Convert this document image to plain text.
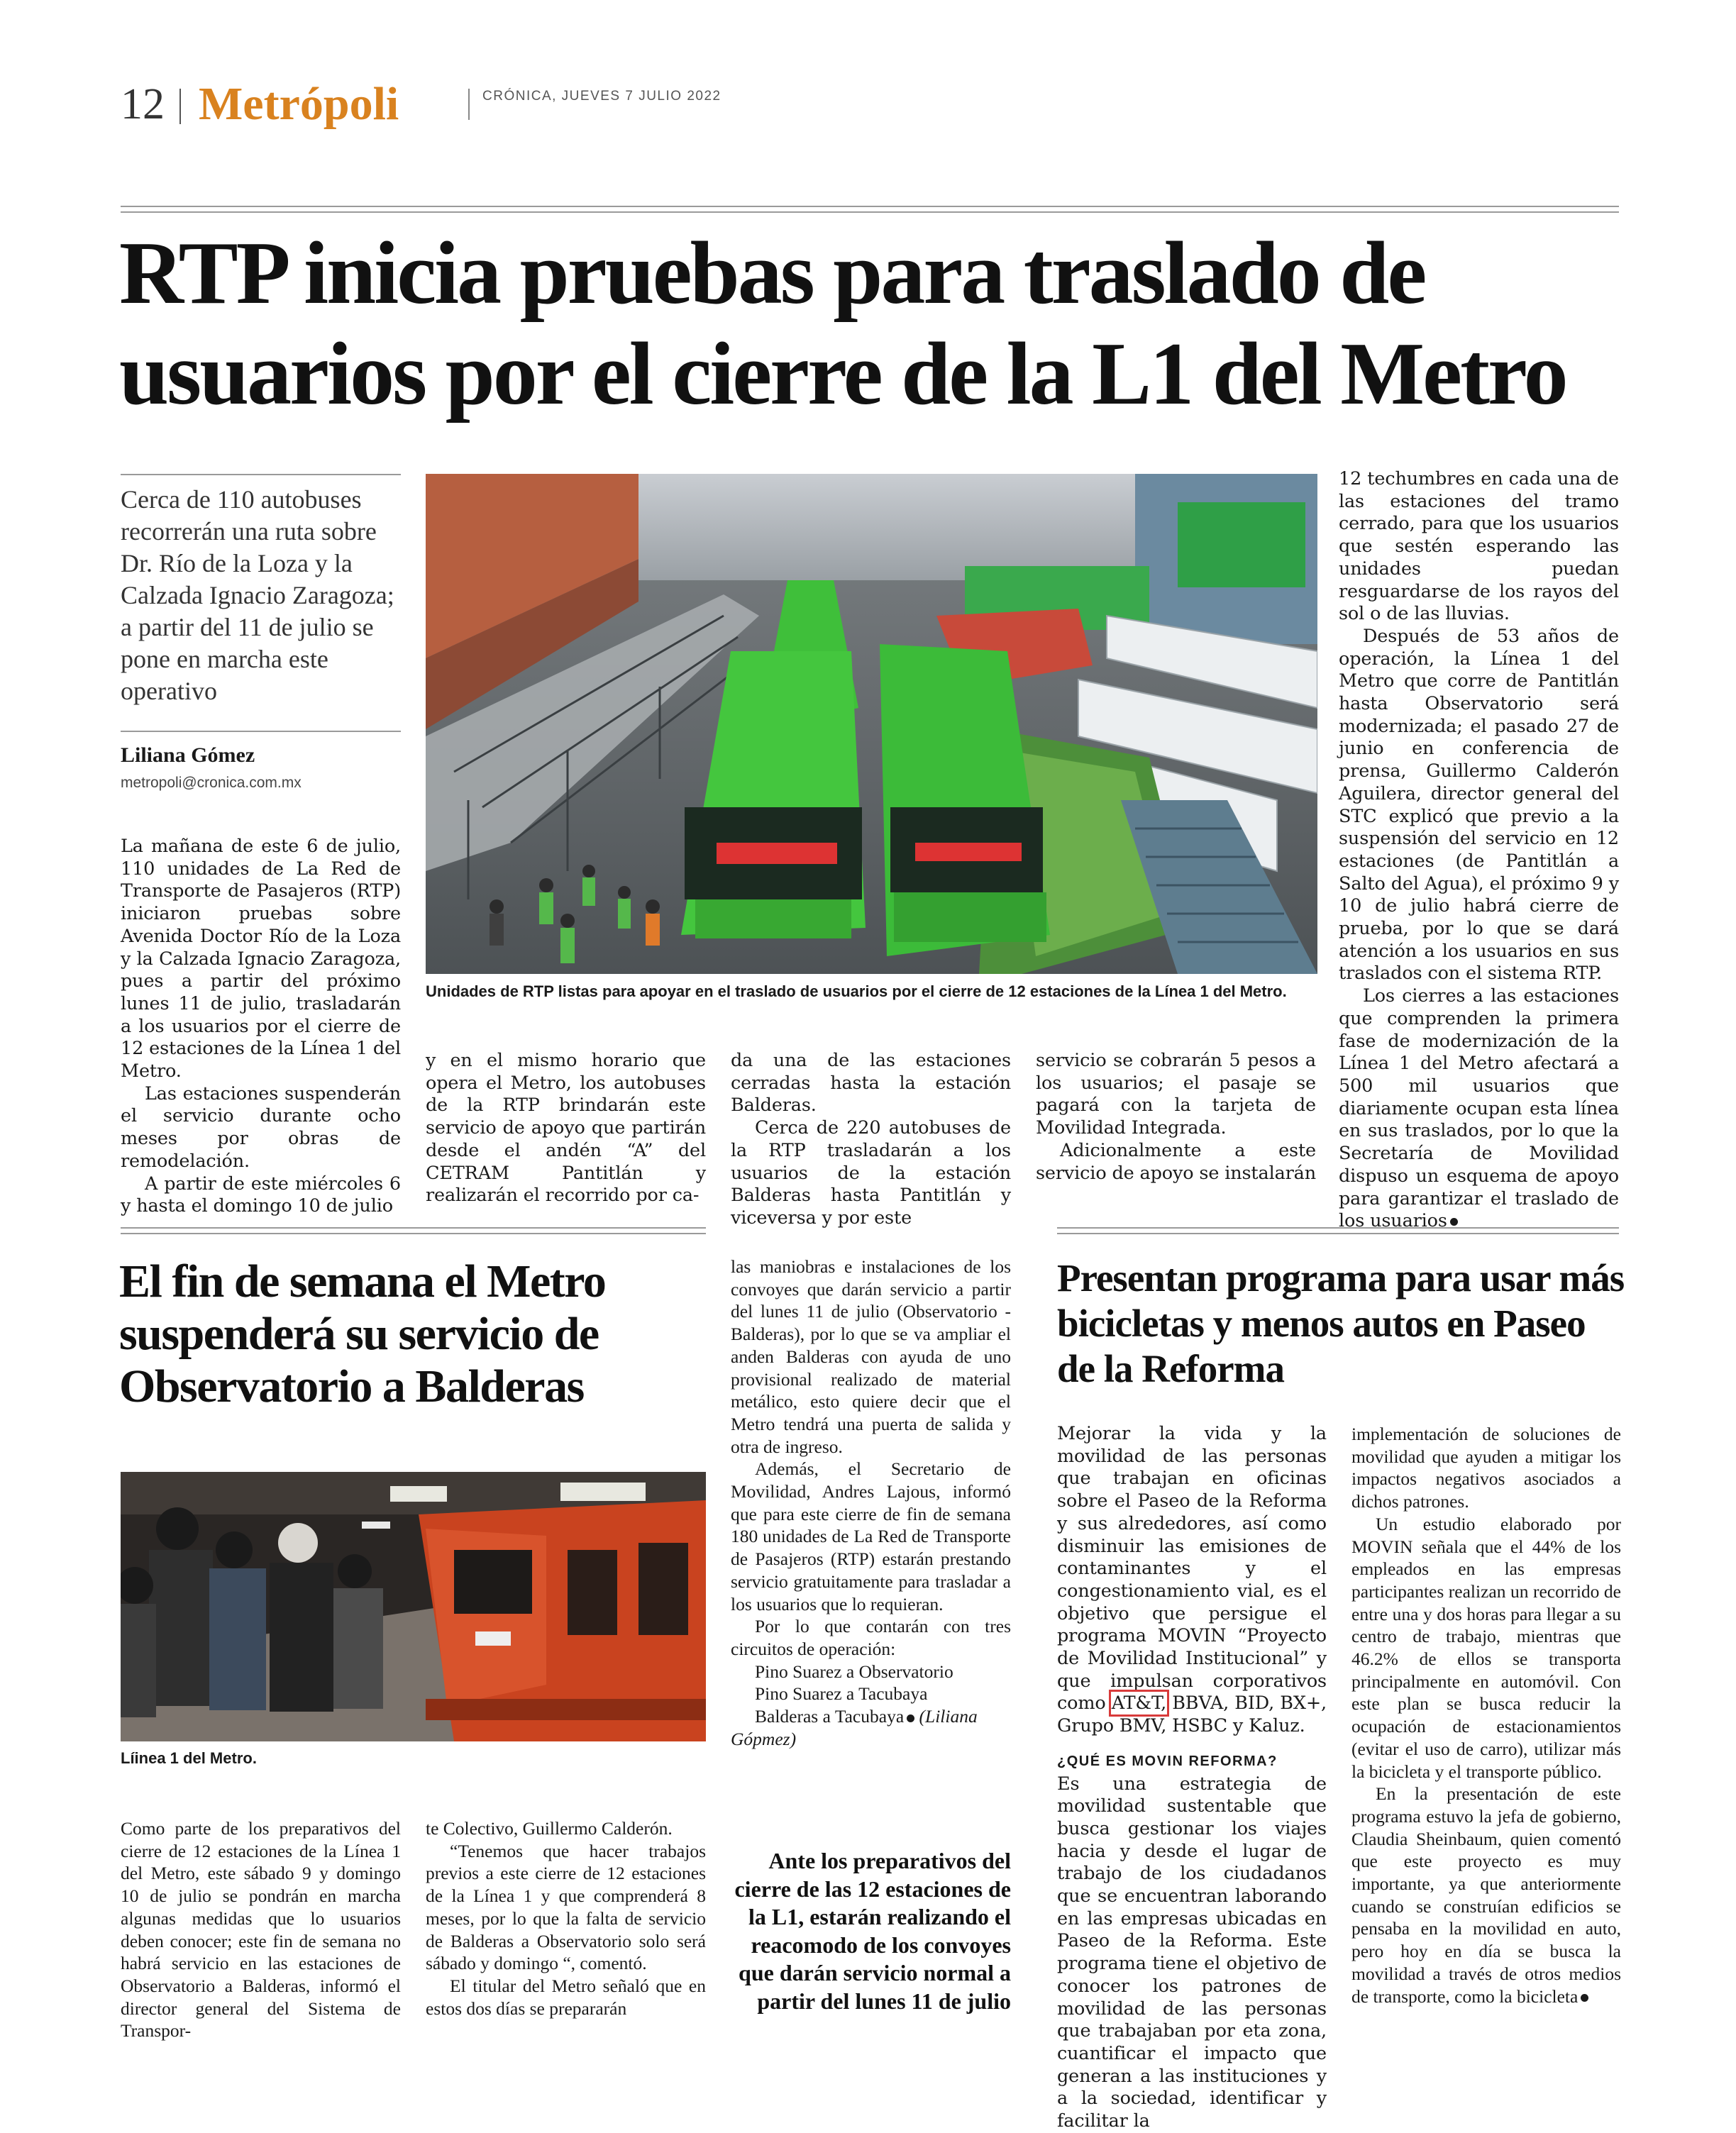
12 Metrópoli	CRÓNICA, JUEVES 7 JULIO 2022
RTP inicia pruebas para traslado de
usuarios por el cierre de la L1 del Metro
Cerca de 110 autobuses recorrerán una ruta sobre Dr. Río de la Loza y la Calzada Ignacio Zaragoza; a partir del 11 de julio se pone en marcha este operativo
Liliana Gómez
metropoli@cronica.com.mx
Unidades de RTP listas para apoyar en el traslado de usuarios por el cierre de 12 estaciones de la Línea 1 del Metro.

La mañana de este 6 de julio, 110 unidades de La Red de Transporte de Pasajeros (RTP) iniciaron pruebas sobre Avenida Doctor Río de la Loza y la Calzada Ignacio Zaragoza, pues a partir del próximo lunes 11 de julio, trasladarán a los usuarios por el cierre de 12 estaciones de la Línea 1 del Metro.

Las estaciones suspenderán el servicio durante ocho meses por obras de remodelación.

A partir de este miércoles 6 y hasta el domingo 10 de julio

y en el mismo horario que opera el Metro, los autobuses de la RTP brindarán este servicio de apoyo que partirán desde el andén “A” del CETRAM Pantitlán y realizarán el recorrido por ca-

da una de las estaciones cerradas hasta la estación Balderas.

Cerca de 220 autobuses de la RTP trasladarán a los usuarios de la estación Balderas hasta Pantitlán y viceversa y por este

servicio se cobrarán 5 pesos a los usuarios; el pasaje se pagará con la tarjeta de Movilidad Integrada.

Adicionalmente a este servicio de apoyo se instalarán

12 techumbres en cada una de las estaciones del tramo cerrado, para que los usuarios que sestén esperando las unidades puedan resguardarse de los rayos del sol o de las lluvias.

Después de 53 años de operación, la Línea 1 del Metro que corre de Pantitlán hasta Observatorio será modernizada; el pasado 27 de junio en conferencia de prensa, Guillermo Calderón Aguilera, director general del STC explicó que previo a la suspensión del servicio en 12 estaciones (de Pantitlán a Salto del Agua), el próximo 9 y 10 de julio habrá cierre de prueba, por lo que se dará atención a los usuarios en sus traslados con el sistema RTP.

Los cierres a las estaciones que comprenden la primera fase de modernización de la Línea 1 del Metro afectará a 500 mil usuarios que diariamente ocupan esta línea en sus traslados, por lo que la Secretaría de Movilidad dispuso un esquema de apoyo para garantizar el traslado de los usuarios

El fin de semana el Metro suspenderá su servicio de Observatorio a Balderas
Líinea 1 del Metro.

Como parte de los preparativos del cierre de 12 estaciones de la Línea 1 del Metro, este sábado 9 y domingo 10 de julio se pondrán en marcha algunas medidas que lo usuarios deben conocer; este fin de semana no habrá servicio en las estaciones de Observatorio a Balderas, informó el director general del Sistema de Transpor-

te Colectivo, Guillermo Calderón.

“Tenemos que hacer trabajos previos a este cierre de 12 estaciones de la Línea 1 y que comprenderá 8 meses, por lo que la falta de servicio de Balderas a Observatorio solo será sábado y domingo “, comentó.

El titular del Metro señaló que en estos dos días se prepararán

las maniobras e instalaciones de los convoyes que darán servicio a partir del lunes 11 de julio (Observatorio - Balderas), por lo que se va ampliar el anden Balderas con ayuda de uno provisional realizado de material metálico, esto quiere decir que el Metro tendrá una puerta de salida y otra de ingreso.

Además, el Secretario de Movilidad, Andres Lajous, informó que para este cierre de fin de semana 180 unidades de La Red de Transporte de Pasajeros (RTP) estarán prestando servicio gratuitamente para trasladar a los usuarios que lo requieran.

Por lo que contarán con tres circuitos de operación:

Pino Suarez a Observatorio

Pino Suarez a Tacubaya

Balderas a Tacubaya (Liliana Gópmez)

Ante los preparativos del cierre de las 12 estaciones de la L1, estarán realizando el reacomodo de los convoyes que darán servicio normal a partir del lunes 11 de julio
Presentan programa para usar más bicicletas y menos autos en Paseo de la Reforma

Mejorar la vida y la movilidad de las personas que trabajan en oficinas sobre el Paseo de la Reforma y sus alrededores, así como disminuir las emisiones de contaminantes y el congestionamiento vial, es el objetivo que persigue el programa MOVIN “Proyecto de Movilidad Institucional” y que impulsan corporativos como AT&T, BBVA, BID, BX+, Grupo BMV, HSBC y Kaluz.

¿QUÉ ES MOVIN REFORMA?

Es una estrategia de movilidad sustentable que busca gestionar los viajes hacia y desde el lugar de trabajo de los ciudadanos que se encuentran laborando en las empresas ubicadas en Paseo de la Reforma. Este programa tiene el objetivo de conocer los patrones de movilidad de las personas que trabajaban por eta zona, cuantificar el impacto que generan a las instituciones y a la sociedad, identificar y facilitar la

implementación de soluciones de movilidad que ayuden a mitigar los impactos negativos asociados a dichos patrones.

Un estudio elaborado por MOVIN señala que el 44% de los empleados en las empresas participantes realizan un recorrido de entre una y dos horas para llegar a su centro de trabajo, mientras que 46.2% de ellos se transporta principalmente en automóvil. Con este plan se busca reducir la ocupación de estacionamientos (evitar el uso de carro), utilizar más la bicicleta y el transporte público.

En la presentación de este programa estuvo la jefa de gobierno, Claudia Sheinbaum, quien comentó que este proyecto es muy importante, ya que anteriormente cuando se construían edificios se pensaba en la movilidad en auto, pero hoy en día se busca la movilidad a través de otros medios de transporte, como la bicicleta
